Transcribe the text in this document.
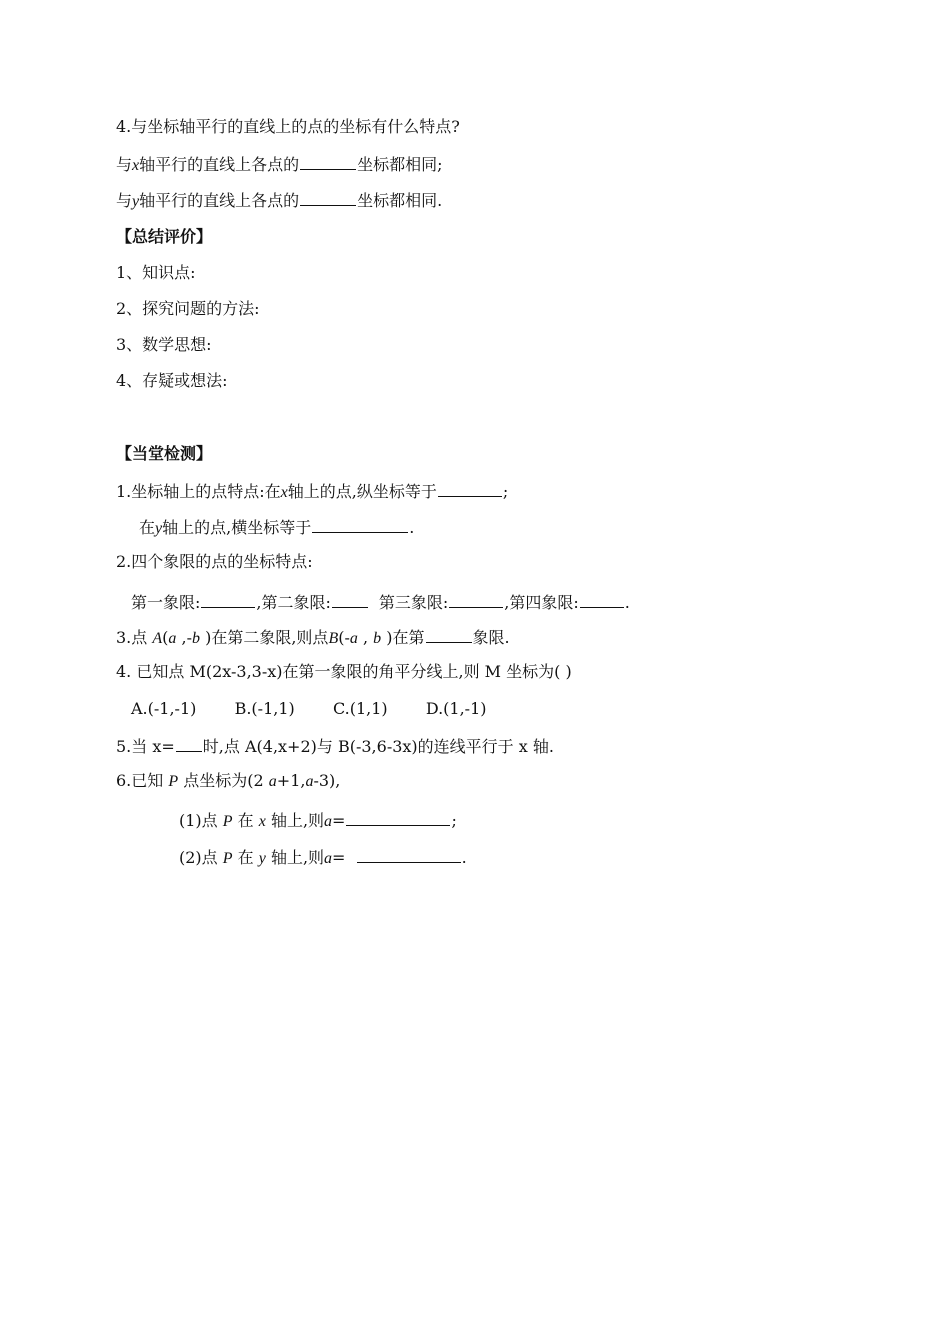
4.与坐标轴平行的直线上的点的坐标有什么特点?
与x轴平行的直线上各点的	坐标都相同;
与y轴平行的直线上各点的	坐标都相同.
【总结评价】
1、知识点:
2、探究问题的方法:
3、数学思想:
4、存疑或想法:
【当堂检测】
1.坐标轴上的点特点:在x轴上的点,纵坐标等于	;
在y轴上的点,横坐标等于	.
2.四个象限的点的坐标特点:
第一象限:	,第二象限:	第三象限:	,第四象限:	.
3.点 A(a ,-b )在第二象限,则点B(-a , b )在第	象限.
4. 已知点 M(2x-3,3-x)在第一象限的角平分线上,则 M 坐标为( )
A.(-1,-1) B.(-1,1) C.(1,1) D.(1,-1)
5.当 x= 时,点 A(4,x+2)与 B(-3,6-3x)的连线平行于 x 轴.
6.已知 P 点坐标为(2 a+1,a-3),
(1)点 P 在 x 轴上,则a=	;
(2)点 P 在 y 轴上,则a=	.
